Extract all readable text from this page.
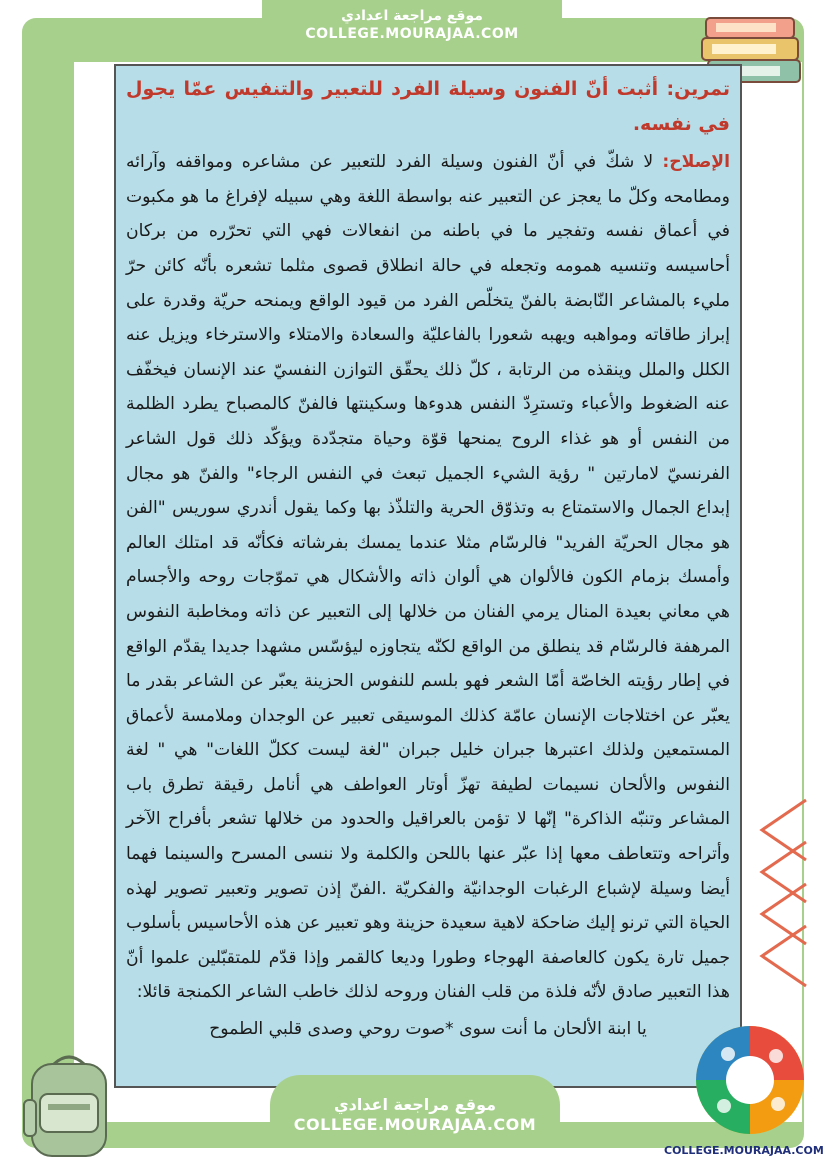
موقع مراجعة اعدادي
COLLEGE.MOURAJAA.COM
تمرين: أثبت أنّ الفنون وسيلة الفرد للتعبير والتنفيس عمّا يجول في نفسه.

الإصلاح: لا شكّ في أنّ الفنون وسيلة الفرد للتعبير عن مشاعره ومواقفه وآرائه ومطامحه وكلّ ما يعجز عن التعبير عنه بواسطة اللغة وهي سبيله لإفراغ ما هو مكبوت في أعماق نفسه وتفجير ما في باطنه من انفعالات فهي التي تحرّره من بركان أحاسيسه وتنسيه همومه وتجعله في حالة انطلاق قصوى مثلما تشعره بأنّه كائن حرّ مليء بالمشاعر النّابضة بالفنّ يتخلّص الفرد من قيود الواقع ويمنحه حريّة وقدرة على إبراز طاقاته ومواهبه ويهبه شعورا بالفاعليّة والسعادة والامتلاء والاسترخاء ويزيل عنه الكلل والملل وينقذه من الرتابة ، كلّ ذلك يحقّق التوازن النفسيّ عند الإنسان فيخفّف عنه الضغوط والأعباء وتسترِدّ النفس هدوءها وسكينتها فالفنّ كالمصباح يطرد الظلمة من النفس أو هو غذاء الروح يمنحها قوّة وحياة متجدّدة ويؤكّد ذلك قول الشاعر الفرنسيّ لامارتين " رؤية الشيء الجميل تبعث في النفس الرجاء" والفنّ هو مجال إبداع الجمال والاستمتاع به وتذوّق الحرية والتلذّذ بها وكما يقول أندري سوريس "الفن هو مجال الحريّة الفريد" فالرسّام مثلا عندما يمسك بفرشاته فكأنّه قد امتلك العالم وأمسك بزمام الكون فالألوان هي ألوان ذاته والأشكال هي تموّجات روحه والأجسام هي معاني بعيدة المنال يرمي الفنان من خلالها إلى التعبير عن ذاته ومخاطبة النفوس المرهفة فالرسّام قد ينطلق من الواقع لكنّه يتجاوزه ليؤسّس مشهدا جديدا يقدّم الواقع في إطار رؤيته الخاصّة أمّا الشعر فهو بلسم للنفوس الحزينة يعبّر عن الشاعر بقدر ما يعبّر عن اختلاجات الإنسان عامّة كذلك الموسيقى تعبير عن الوجدان وملامسة لأعماق المستمعين ولذلك اعتبرها جبران خليل جبران "لغة ليست ككلّ اللغات" هي " لغة النفوس والألحان نسيمات لطيفة تهزّ أوتار العواطف هي أنامل رقيقة تطرق باب المشاعر وتنبّه الذاكرة" إنّها لا تؤمن بالعراقيل والحدود من خلالها تشعر بأفراح الآخر وأتراحه وتتعاطف معها إذا عبّر عنها باللحن والكلمة ولا ننسى المسرح والسينما فهما أيضا وسيلة لإشباع الرغبات الوجدانيّة والفكريّة .الفنّ إذن تصوير وتعبير تصوير لهذه الحياة التي ترنو إليك ضاحكة لاهية سعيدة حزينة وهو تعبير عن هذه الأحاسيس بأسلوب جميل تارة يكون كالعاصفة الهوجاء وطورا وديعا كالقمر وإذا قدّم للمتقبّلين علموا أنّ هذا التعبير صادق لأنّه فلذة من قلب الفنان وروحه لذلك خاطب الشاعر الكمنجة قائلا:

يا ابنة الألحان ما أنت سوى *صوت روحي وصدى قلبي الطموح
موقع مراجعة اعدادي
COLLEGE.MOURAJAA.COM
COLLEGE.MOURAJAA.COM
